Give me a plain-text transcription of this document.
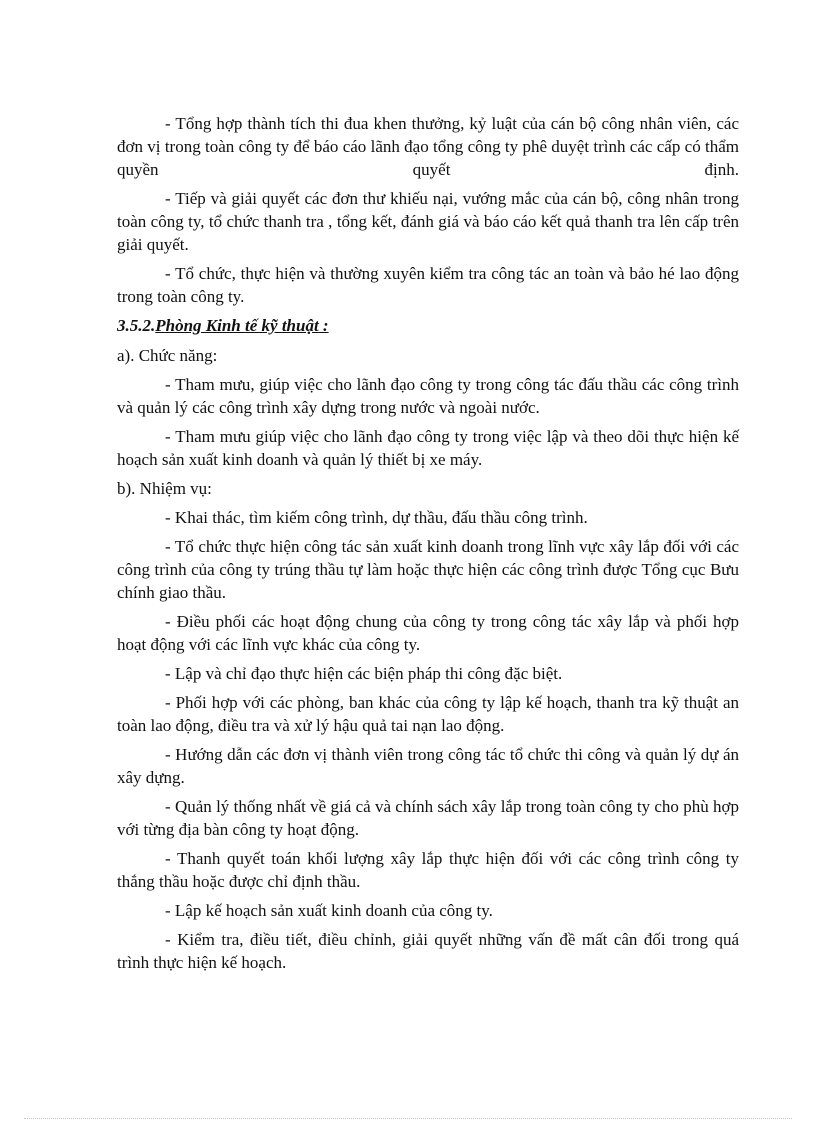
- Tổng hợp thành tích thi đua khen thưởng, kỷ luật của cán bộ công nhân viên, các đơn vị trong toàn công ty để báo cáo lãnh đạo tổng công ty phê duyệt trình các cấp có thẩm quyền quyết định.

- Tiếp và giải quyết các đơn thư khiếu nại, vướng mắc của cán bộ, công nhân trong toàn công ty, tổ chức thanh tra , tổng kết, đánh giá và báo cáo kết quả thanh tra lên cấp trên giải quyết.

- Tổ chức, thực hiện và thường xuyên kiểm tra công tác an toàn và bảo hé lao động trong toàn công ty.

3.5.2.Phòng Kinh tế kỹ thuật :

a). Chức năng:

- Tham mưu, giúp việc cho lãnh đạo công ty trong công tác đấu thầu các công trình và quản lý các công trình xây dựng trong nước và ngoài nước.

- Tham mưu giúp việc cho lãnh đạo công ty trong việc lập và theo dõi thực hiện kế hoạch sản xuất kinh doanh và quản lý thiết bị xe máy.

b). Nhiệm vụ:

- Khai thác, tìm kiếm công trình, dự thầu, đấu thầu công trình.

- Tổ chức thực hiện công tác sản xuất kinh doanh trong lĩnh vực xây lắp đối với các công trình của công ty trúng thầu tự làm hoặc thực hiện các công trình được Tổng cục Bưu chính giao thầu.

- Điều phối các hoạt động chung của công ty trong công tác xây lắp và phối hợp hoạt động với các lĩnh vực khác của công ty.

- Lập và chỉ đạo thực hiện các biện pháp thi công đặc biệt.

- Phối hợp với các phòng, ban khác của công ty lập kế hoạch, thanh tra kỹ thuật an toàn lao động, điều tra và xử lý hậu quả tai nạn lao động.

- Hướng dẫn các đơn vị thành viên trong công tác tổ chức thi công và quản lý dự án xây dựng.

- Quản lý thống nhất về giá cả và chính sách xây lắp trong toàn công ty cho phù hợp với từng địa bàn công ty hoạt động.

- Thanh quyết toán khối lượng xây lắp thực hiện đối với các công trình công ty thắng thầu hoặc được chỉ định thầu.

- Lập kế hoạch sản xuất kinh doanh của công ty.

- Kiểm tra, điều tiết, điều chỉnh, giải quyết những vấn đề mất cân đối trong quá trình thực hiện kế hoạch.
